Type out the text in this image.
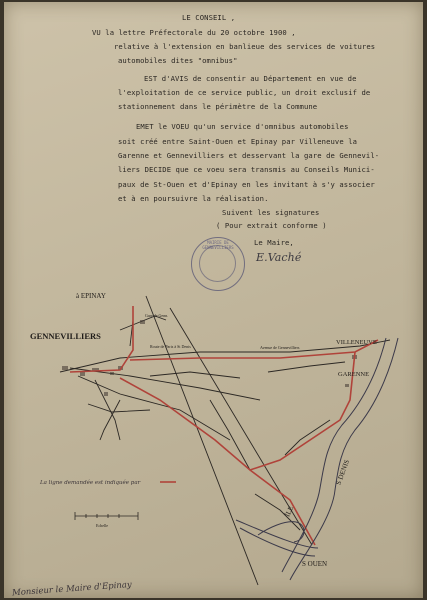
LE CONSEIL ,
VU la lettre Préfectorale du 20 octobre 1900 ,
relative à l'extension en banlieue des services de voitures
automobiles dites "omnibus"
EST d'AVIS de consentir au Département en vue de
l'exploitation de ce service public, un droit exclusif de
stationnement dans le périmètre de la Commune
EMET le VOEU qu'un service d'omnibus automobiles
soit créé entre Saint-Ouen et Epinay par Villeneuve la
Garenne et Gennevilliers et desservant la gare de Gennevil-
liers DECIDE que ce voeu sera transmis au Conseils Munici-
paux de St-Ouen et d'Epinay en les invitant à s'y associer
et à en poursuivre la réalisation.
Suivent les signatures
( Pour extrait conforme )
Le Maire,
E.Vaché
MAIRIE DE GENNEVILLIERS
à EPINAY
GENNEVILLIERS
VILLENEUVE
GARENNE
ÎLE
S DENIS
S OUEN
Route de Paris à St Denis	Avenue de Gennevilliers
Gare de Genn.
La ligne demandée est indiquée par
Echelle
Monsieur le Maire d'Epinay
